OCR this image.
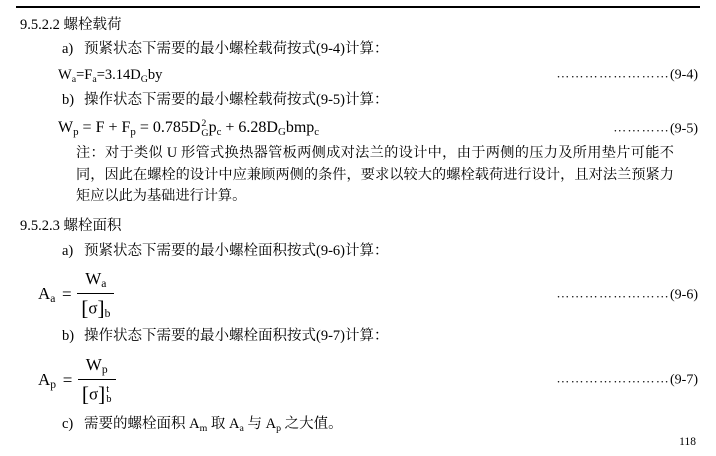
9.5.2.2 螺栓载荷
a) 预紧状态下需要的最小螺栓载荷按式(9-4)计算：
$W_a=F_a=3.14D_Gby$	……………………(9-4)
b) 操作状态下需要的最小螺栓载荷按式(9-5)计算：
$W_p = F + F_p = 0.785D$ 2
G $p_c + 6.28D_Gbmp_c$	…………(9-5)
注：对于类似 U 形管式换热器管板两侧成对法兰的设计中，由于两侧的压力及所用垫片可能不同，因此在螺栓的设计中应兼顾两侧的条件，要求以较大的螺栓载荷进行设计，且对法兰预紧力矩应以此为基础进行计算。
9.5.2.3 螺栓面积
a) 预紧状态下需要的最小螺栓面积按式(9-6)计算：
$A_a = \frac{W_a}{[\sigma]_b}$	……………………(9-6)
b) 操作状态下需要的最小螺栓面积按式(9-7)计算：
$A_p = W_p$
[σ] t
b	……………………(9-7)
c) 需要的螺栓面积 $A_m$ 取 $A_a$ 与 $A_p$ 之大值。
118
